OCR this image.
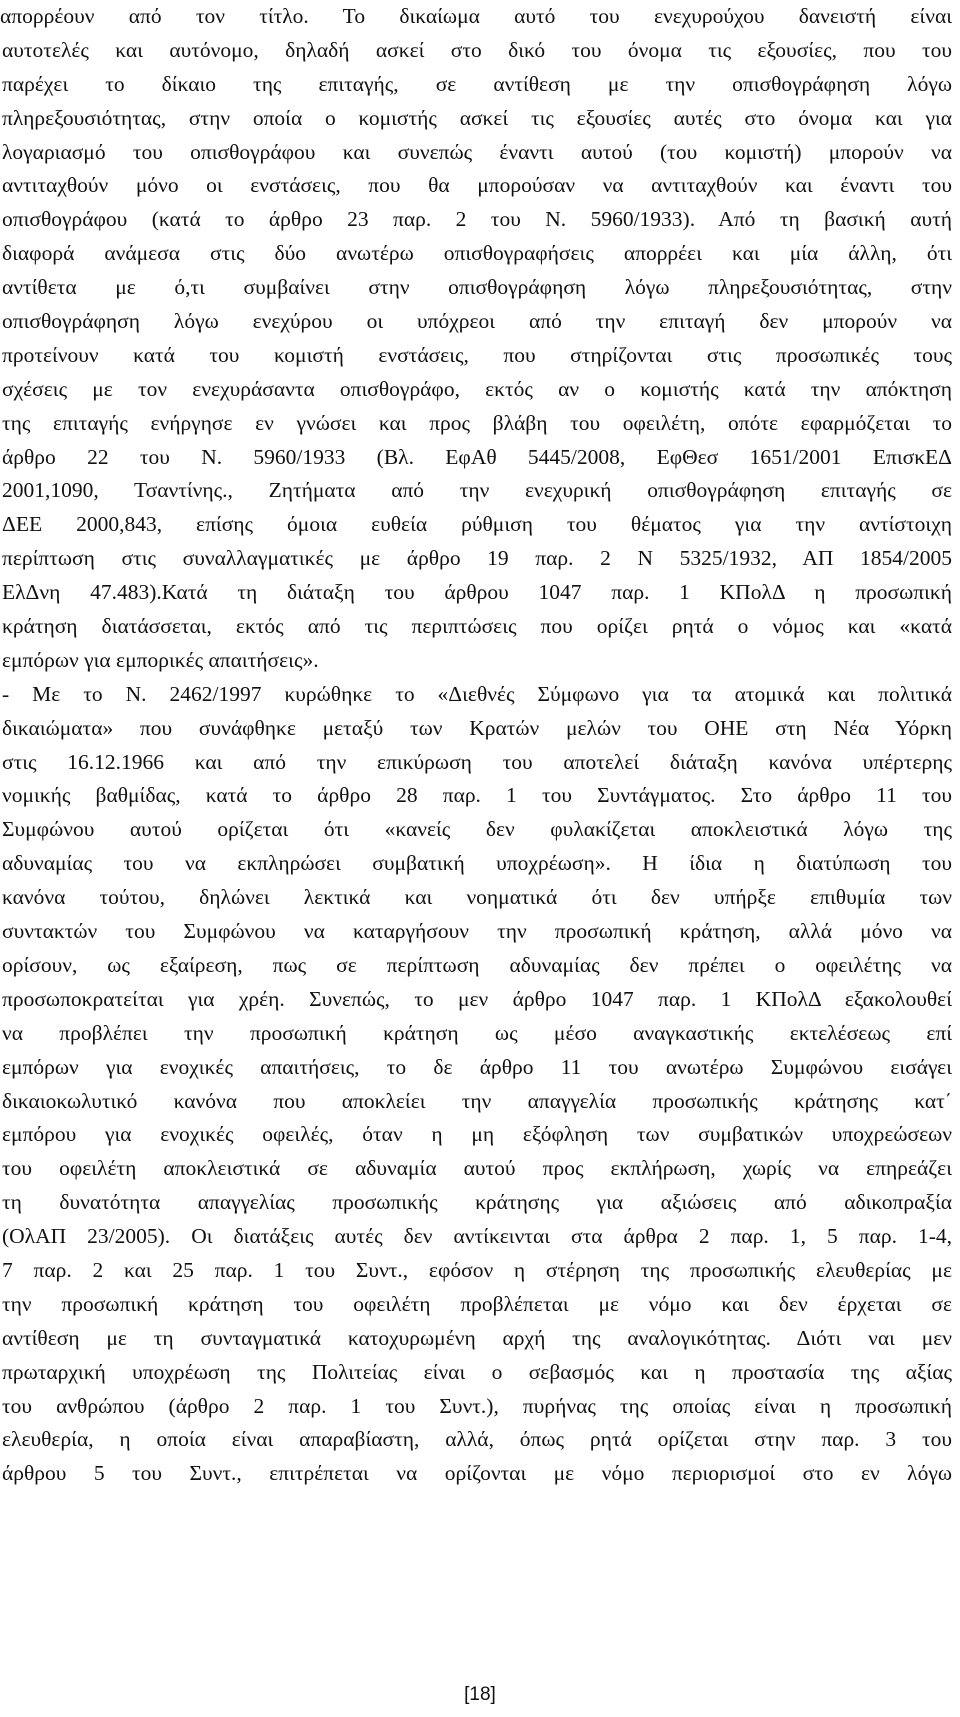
απορρέουν από τον τίτλο. Το δικαίωμα αυτό του ενεχυρούχου δανειστή είναι
αυτοτελές και αυτόνομο, δηλαδή ασκεί στο δικό του όνομα τις εξουσίες, που του
παρέχει το δίκαιο της επιταγής, σε αντίθεση με την οπισθογράφηση λόγω
πληρεξουσιότητας, στην οποία ο κομιστής ασκεί τις εξουσίες αυτές στο όνομα και για
λογαριασμό του οπισθογράφου και συνεπώς έναντι αυτού (του κομιστή) μπορούν να
αντιταχθούν μόνο οι ενστάσεις, που θα μπορούσαν να αντιταχθούν και έναντι του
οπισθογράφου (κατά το άρθρο 23 παρ. 2 του Ν. 5960/1933). Από τη βασική αυτή
διαφορά ανάμεσα στις δύο ανωτέρω οπισθογραφήσεις απορρέει και μία άλλη, ότι
αντίθετα με ό,τι συμβαίνει στην οπισθογράφηση λόγω πληρεξουσιότητας, στην
οπισθογράφηση λόγω ενεχύρου οι υπόχρεοι από την επιταγή δεν μπορούν να
προτείνουν κατά του κομιστή ενστάσεις, που στηρίζονται στις προσωπικές τους
σχέσεις με τον ενεχυράσαντα οπισθογράφο, εκτός αν ο κομιστής κατά την απόκτηση
της επιταγής ενήργησε εν γνώσει και προς βλάβη του οφειλέτη, οπότε εφαρμόζεται το
άρθρο 22 του Ν. 5960/1933 (Βλ. ΕφΑθ 5445/2008, ΕφΘεσ 1651/2001 ΕπισκΕΔ
2001,1090, Τσαντίνης., Ζητήματα από την ενεχυρική οπισθογράφηση επιταγής σε
ΔΕΕ 2000,843, επίσης όμοια ευθεία ρύθμιση του θέματος για την αντίστοιχη
περίπτωση στις συναλλαγματικές με άρθρο 19 παρ. 2 Ν 5325/1932, ΑΠ 1854/2005
ΕλΔνη 47.483).Κατά τη διάταξη του άρθρου 1047 παρ. 1 ΚΠολΔ η προσωπική
κράτηση διατάσσεται, εκτός από τις περιπτώσεις που ορίζει ρητά ο νόμος και «κατά
εμπόρων για εμπορικές απαιτήσεις».
- Με το Ν. 2462/1997 κυρώθηκε το «Διεθνές Σύμφωνο για τα ατομικά και πολιτικά
δικαιώματα» που συνάφθηκε μεταξύ των Κρατών μελών του ΟΗΕ στη Νέα Υόρκη
στις 16.12.1966 και από την επικύρωση του αποτελεί διάταξη κανόνα υπέρτερης
νομικής βαθμίδας, κατά το άρθρο 28 παρ. 1 του Συντάγματος. Στο άρθρο 11 του
Συμφώνου αυτού ορίζεται ότι «κανείς δεν φυλακίζεται αποκλειστικά λόγω της
αδυναμίας του να εκπληρώσει συμβατική υποχρέωση». Η ίδια η διατύπωση του
κανόνα τούτου, δηλώνει λεκτικά και νοηματικά ότι δεν υπήρξε επιθυμία των
συντακτών του Συμφώνου να καταργήσουν την προσωπική κράτηση, αλλά μόνο να
ορίσουν, ως εξαίρεση, πως σε περίπτωση αδυναμίας δεν πρέπει ο οφειλέτης να
προσωποκρατείται για χρέη. Συνεπώς, το μεν άρθρο 1047 παρ. 1 ΚΠολΔ εξακολουθεί
να προβλέπει την προσωπική κράτηση ως μέσο αναγκαστικής εκτελέσεως επί
εμπόρων για ενοχικές απαιτήσεις, το δε άρθρο 11 του ανωτέρω Συμφώνου εισάγει
δικαιοκωλυτικό κανόνα που αποκλείει την απαγγελία προσωπικής κράτησης κατ΄
εμπόρου για ενοχικές οφειλές, όταν η μη εξόφληση των συμβατικών υποχρεώσεων
του οφειλέτη αποκλειστικά σε αδυναμία αυτού προς εκπλήρωση, χωρίς να επηρεάζει
τη δυνατότητα απαγγελίας προσωπικής κράτησης για αξιώσεις από αδικοπραξία
(ΟλΑΠ 23/2005). Οι διατάξεις αυτές δεν αντίκεινται στα άρθρα 2 παρ. 1, 5 παρ. 1-4,
7 παρ. 2 και 25 παρ. 1 του Συντ., εφόσον η στέρηση της προσωπικής ελευθερίας με
την προσωπική κράτηση του οφειλέτη προβλέπεται με νόμο και δεν έρχεται σε
αντίθεση με τη συνταγματικά κατοχυρωμένη αρχή της αναλογικότητας. Διότι ναι μεν
πρωταρχική υποχρέωση της Πολιτείας είναι ο σεβασμός και η προστασία της αξίας
του ανθρώπου (άρθρο 2 παρ. 1 του Συντ.), πυρήνας της οποίας είναι η προσωπική
ελευθερία, η οποία είναι απαραβίαστη, αλλά, όπως ρητά ορίζεται στην παρ. 3 του
άρθρου 5 του Συντ., επιτρέπεται να ορίζονται με νόμο περιορισμοί στο εν λόγω
[18]
